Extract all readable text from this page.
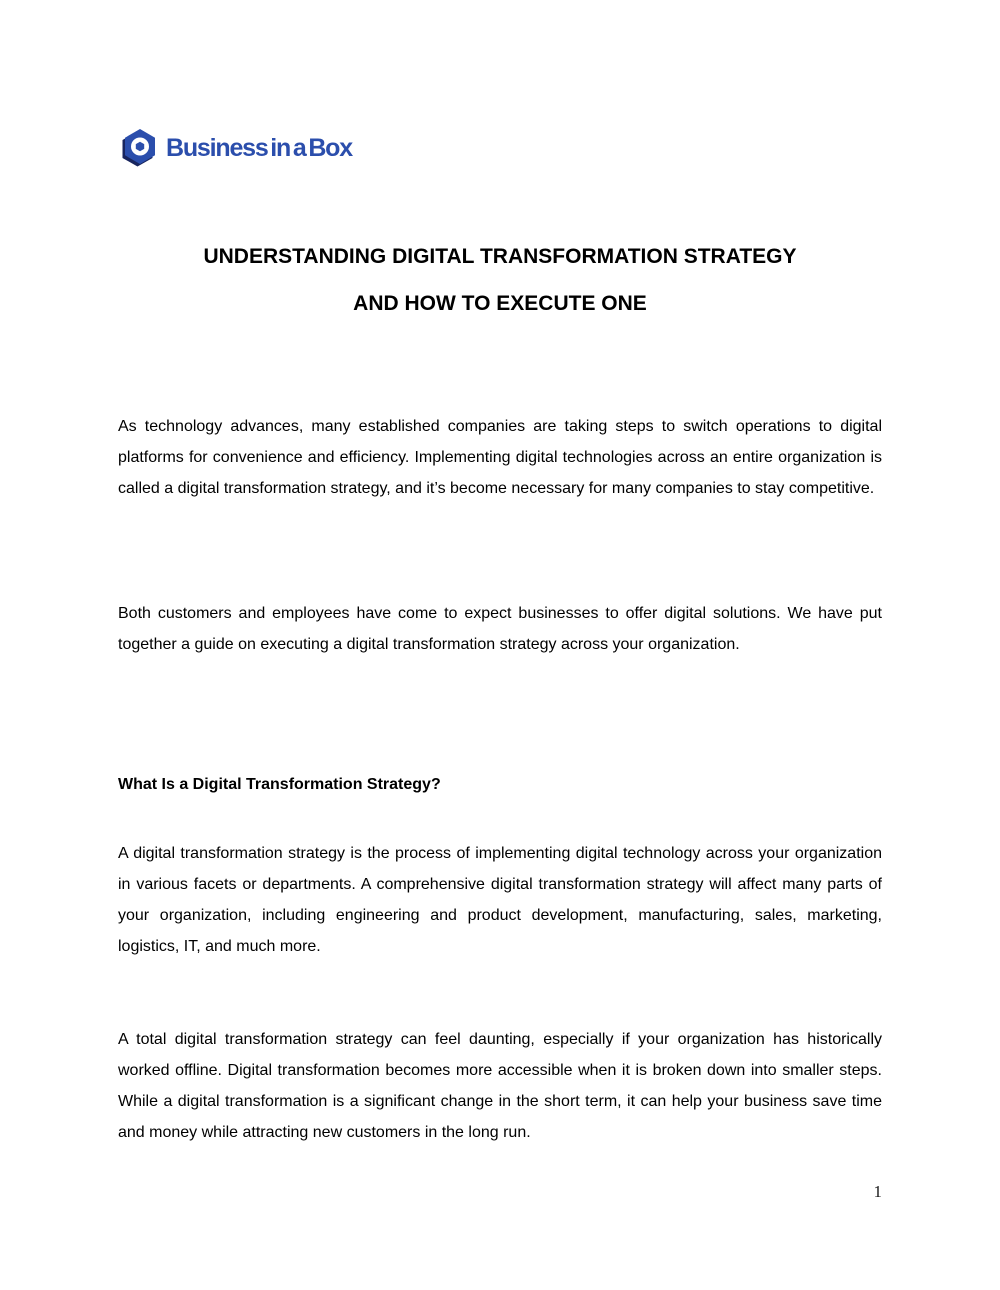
Business in a Box
UNDERSTANDING DIGITAL TRANSFORMATION STRATEGY
AND HOW TO EXECUTE ONE

As technology advances, many established companies are taking steps to switch operations to digital platforms for convenience and efficiency. Implementing digital technologies across an entire organization is called a digital transformation strategy, and it’s become necessary for many companies to stay competitive.

Both customers and employees have come to expect businesses to offer digital solutions. We have put together a guide on executing a digital transformation strategy across your organization.

What Is a Digital Transformation Strategy?

A digital transformation strategy is the process of implementing digital technology across your organization in various facets or departments. A comprehensive digital transformation strategy will affect many parts of your organization, including engineering and product development, manufacturing, sales, marketing, logistics, IT, and much more.

A total digital transformation strategy can feel daunting, especially if your organization has historically worked offline. Digital transformation becomes more accessible when it is broken down into smaller steps. While a digital transformation is a significant change in the short term, it can help your business save time and money while attracting new customers in the long run.

1
